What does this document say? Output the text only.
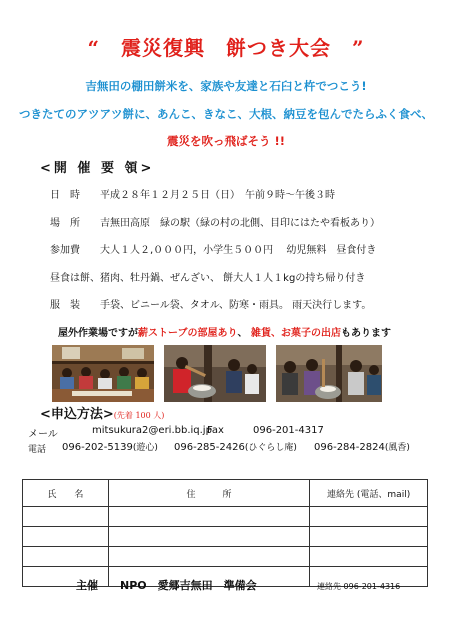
“　震災復興　餅つき大会　”
吉無田の棚田餅米を、家族や友達と石臼と杵でつこう!
つきたてのアツアツ餅に、あんこ、きなこ、大根、納豆を包んでたらふく食べ、
震災を吹っ飛ばそう !!
<開 催 要 領>
日　時 平成２８年１２月２５日（日）　午前９時～午後３時
場　所 吉無田高原　緑の駅（緑の村の北側、目印にはたや看板あり）
参加費 大人１人２,０００円，小学生５００円　 幼児無料　昼食付き
昼食は餅、猪肉、牡丹鍋、ぜんざい、 餅大人１人１kgの持ち帰り付き
服　装 手袋、ビニール袋、タオル、防寒・雨具。 雨天決行します。
屋外作業場ですが薪ストーブの部屋あり、 雑貨、お菓子の出店もあります
<申込方法>(先着 100 人)
メール	mitsukura2@eri.bb.iq.jp
Fax	096-201-4317
電話 096-202-5139(遊心) 096-285-2426(ひぐらし庵) 096-284-2824(風香)
氏　　名	住　　　所	連絡先 (電話、mail)

主催　　NPO　愛郷吉無田　準備会	連絡先 096-201-4316
